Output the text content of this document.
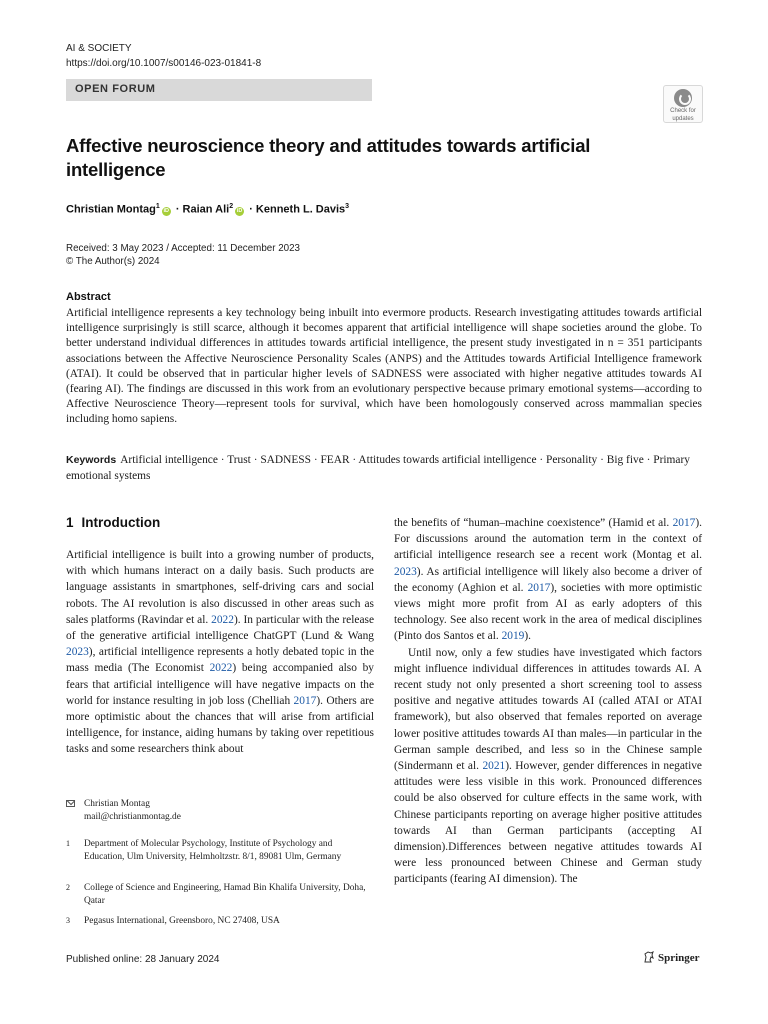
AI & SOCIETY
https://doi.org/10.1007/s00146-023-01841-8
OPEN FORUM
Check for
updates
Affective neuroscience theory and attitudes towards artificial intelligence
Christian Montag$^1$iD · Raian Ali$^2$iD · Kenneth L. Davis$^3$
Received: 3 May 2023 / Accepted: 11 December 2023
© The Author(s) 2024
Abstract

Artificial intelligence represents a key technology being inbuilt into evermore products. Research investigating attitudes towards artificial intelligence surprisingly is still scarce, although it becomes apparent that artificial intelligence will shape societies around the globe. To better understand individual differences in attitudes towards artificial intelligence, the present study investigated in n = 351 participants associations between the Affective Neuroscience Personality Scales (ANPS) and the Attitudes towards Artificial Intelligence framework (ATAI). It could be observed that in particular higher levels of SADNESS were associated with higher negative attitudes towards AI (fearing AI). The findings are discussed in this work from an evolutionary perspective because primary emotional systems—according to Affective Neuroscience Theory—represent tools for survival, which have been homologously conserved across mammalian species including homo sapiens.

Keywords Artificial intelligence · Trust · SADNESS · FEAR · Attitudes towards artificial intelligence · Personality · Big five · Primary emotional systems
1 Introduction

Artificial intelligence is built into a growing number of products, with which humans interact on a daily basis. Such products are language assistants in smartphones, self-driving cars and social robots. The AI revolution is also discussed in other areas such as sales platforms (Ravindar et al. 2022). In particular with the release of the generative artificial intelligence ChatGPT (Lund & Wang 2023), artificial intelligence represents a hotly debated topic in the mass media (The Economist 2022) being accompanied also by fears that artificial intelligence will have negative impacts on the world for instance resulting in job loss (Chelliah 2017). Others are more optimistic about the chances that will arise from artificial intelligence, for instance, aiding humans by taking over repetitious tasks and some researchers think about

the benefits of “human–machine coexistence” (Hamid et al. 2017). For discussions around the automation term in the context of artificial intelligence research see a recent work (Montag et al. 2023). As artificial intelligence will likely also become a driver of the economy (Aghion et al. 2017), societies with more optimistic views might more profit from AI as early adopters of this technology. See also recent work in the area of medical disciplines (Pinto dos Santos et al. 2019).

Until now, only a few studies have investigated which factors might influence individual differences in attitudes towards AI. A recent study not only presented a short screening tool to assess positive and negative attitudes towards AI (called ATAI or ATAI framework), but also observed that females reported on average lower positive attitudes towards AI than males—in particular in the German sample described, and less so in the Chinese sample (Sindermann et al. 2021). However, gender differences in negative attitudes were less visible in this work. Pronounced differences could be also observed for culture effects in the same work, with Chinese participants reporting on average higher positive attitudes towards AI than German participants (accepting AI dimension).Differences between negative attitudes towards AI were less pronounced between Chinese and German study participants (fearing AI dimension). The

Christian Montag
mail@christianmontag.de
1 Department of Molecular Psychology, Institute of Psychology and Education, Ulm University, Helmholtzstr. 8/1, 89081 Ulm, Germany
2 College of Science and Engineering, Hamad Bin Khalifa University, Doha, Qatar
3 Pegasus International, Greensboro, NC 27408, USA
Published online: 28 January 2024	Springer
